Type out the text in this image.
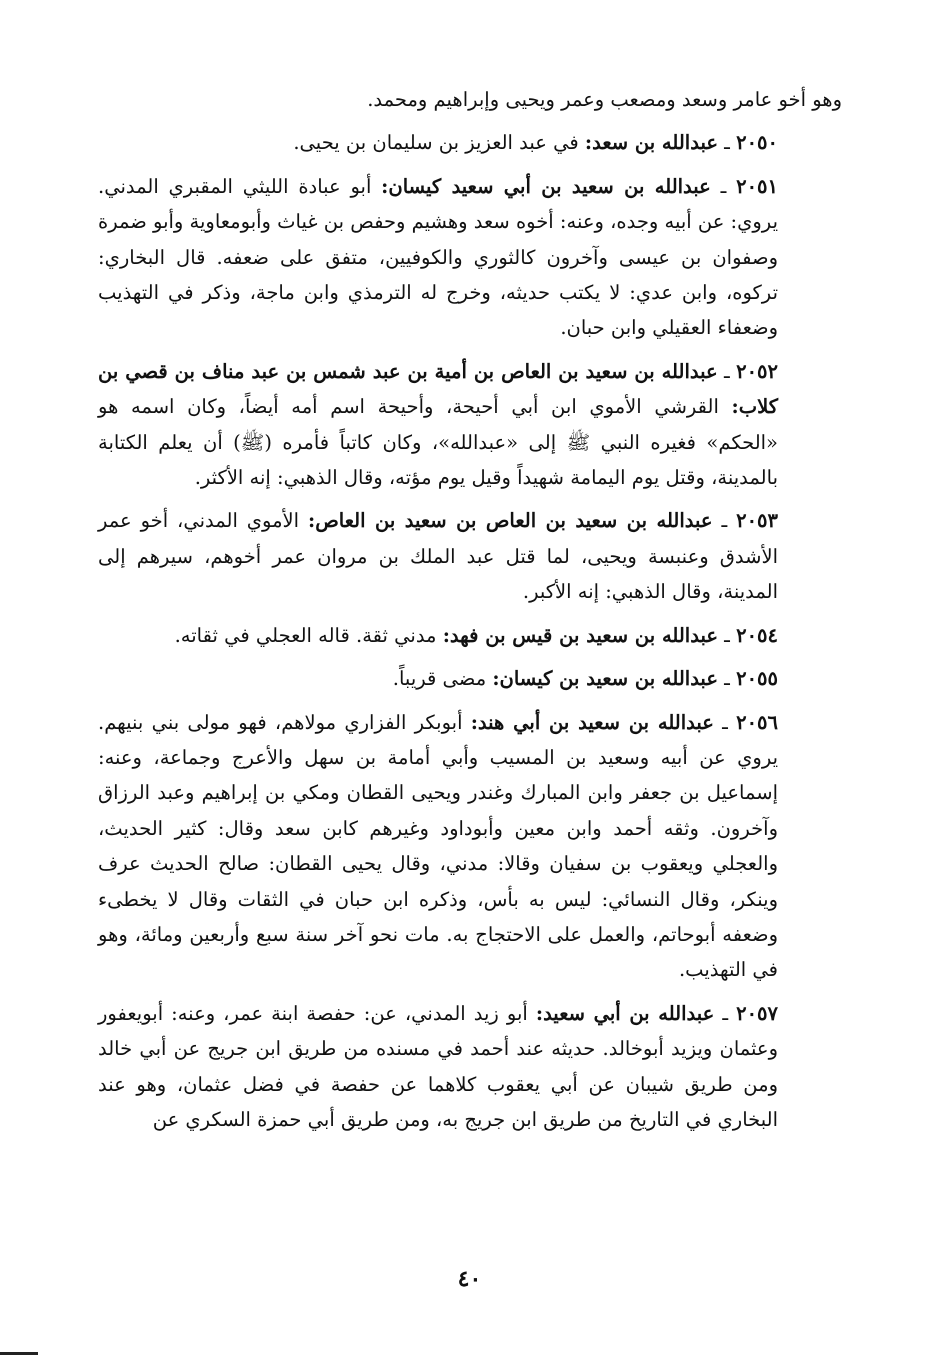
وهو أخو عامر وسعد ومصعب وعمر ويحيى وإبراهيم ومحمد.

٢٠٥٠ ـ عبدالله بن سعد: في عبد العزيز بن سليمان بن يحيى.

٢٠٥١ ـ عبدالله بن سعيد بن أبي سعيد كيسان: أبو عبادة الليثي المقبري المدني. يروي: عن أبيه وجده، وعنه: أخوه سعد وهشيم وحفص بن غياث وأبومعاوية وأبو ضمرة وصفوان بن عيسى وآخرون كالثوري والكوفيين، متفق على ضعفه. قال البخاري: تركوه، وابن عدي: لا يكتب حديثه، وخرج له الترمذي وابن ماجة، وذكر في التهذيب وضعفاء العقيلي وابن حبان.

٢٠٥٢ ـ عبدالله بن سعيد بن العاص بن أمية بن عبد شمس بن عبد مناف بن قصي بن كلاب: القرشي الأموي ابن أبي أحيحة، وأحيحة اسم أمه أيضاً، وكان اسمه هو «الحكم» فغيره النبي ﷺ إلى «عبدالله»، وكان كاتباً فأمره (ﷺ) أن يعلم الكتابة بالمدينة، وقتل يوم اليمامة شهيداً وقيل يوم مؤته، وقال الذهبي: إنه الأكثر.

٢٠٥٣ ـ عبدالله بن سعيد بن العاص بن سعيد بن العاص: الأموي المدني، أخو عمر الأشدق وعنبسة ويحيى، لما قتل عبد الملك بن مروان عمر أخوهم، سيرهم إلى المدينة، وقال الذهبي: إنه الأكبر.

٢٠٥٤ ـ عبدالله بن سعيد بن قيس بن فهد: مدني ثقة. قاله العجلي في ثقاته.

٢٠٥٥ ـ عبدالله بن سعيد بن كيسان: مضى قريباً.

٢٠٥٦ ـ عبدالله بن سعيد بن أبي هند: أبوبكر الفزاري مولاهم، فهو مولى بني بنيهم. يروي عن أبيه وسعيد بن المسيب وأبي أمامة بن سهل والأعرج وجماعة، وعنه: إسماعيل بن جعفر وابن المبارك وغندر ويحيى القطان ومكي بن إبراهيم وعبد الرزاق وآخرون. وثقه أحمد وابن معين وأبوداود وغيرهم كابن سعد وقال: كثير الحديث، والعجلي ويعقوب بن سفيان وقالا: مدني، وقال يحيى القطان: صالح الحديث عرف وينكر، وقال النسائي: ليس به بأس، وذكره ابن حبان في الثقات وقال لا يخطىء وضعفه أبوحاتم، والعمل على الاحتجاج به. مات نحو آخر سنة سبع وأربعين ومائة، وهو في التهذيب.

٢٠٥٧ ـ عبدالله بن أبي سعيد: أبو زيد المدني، عن: حفصة ابنة عمر، وعنه: أبويعفور وعثمان ويزيد أبوخالد. حديثه عند أحمد في مسنده من طريق ابن جريج عن أبي خالد ومن طريق شيبان عن أبي يعقوب كلاهما عن حفصة في فضل عثمان، وهو عند البخاري في التاريخ من طريق ابن جريج به، ومن طريق أبي حمزة السكري عن

٤٠
